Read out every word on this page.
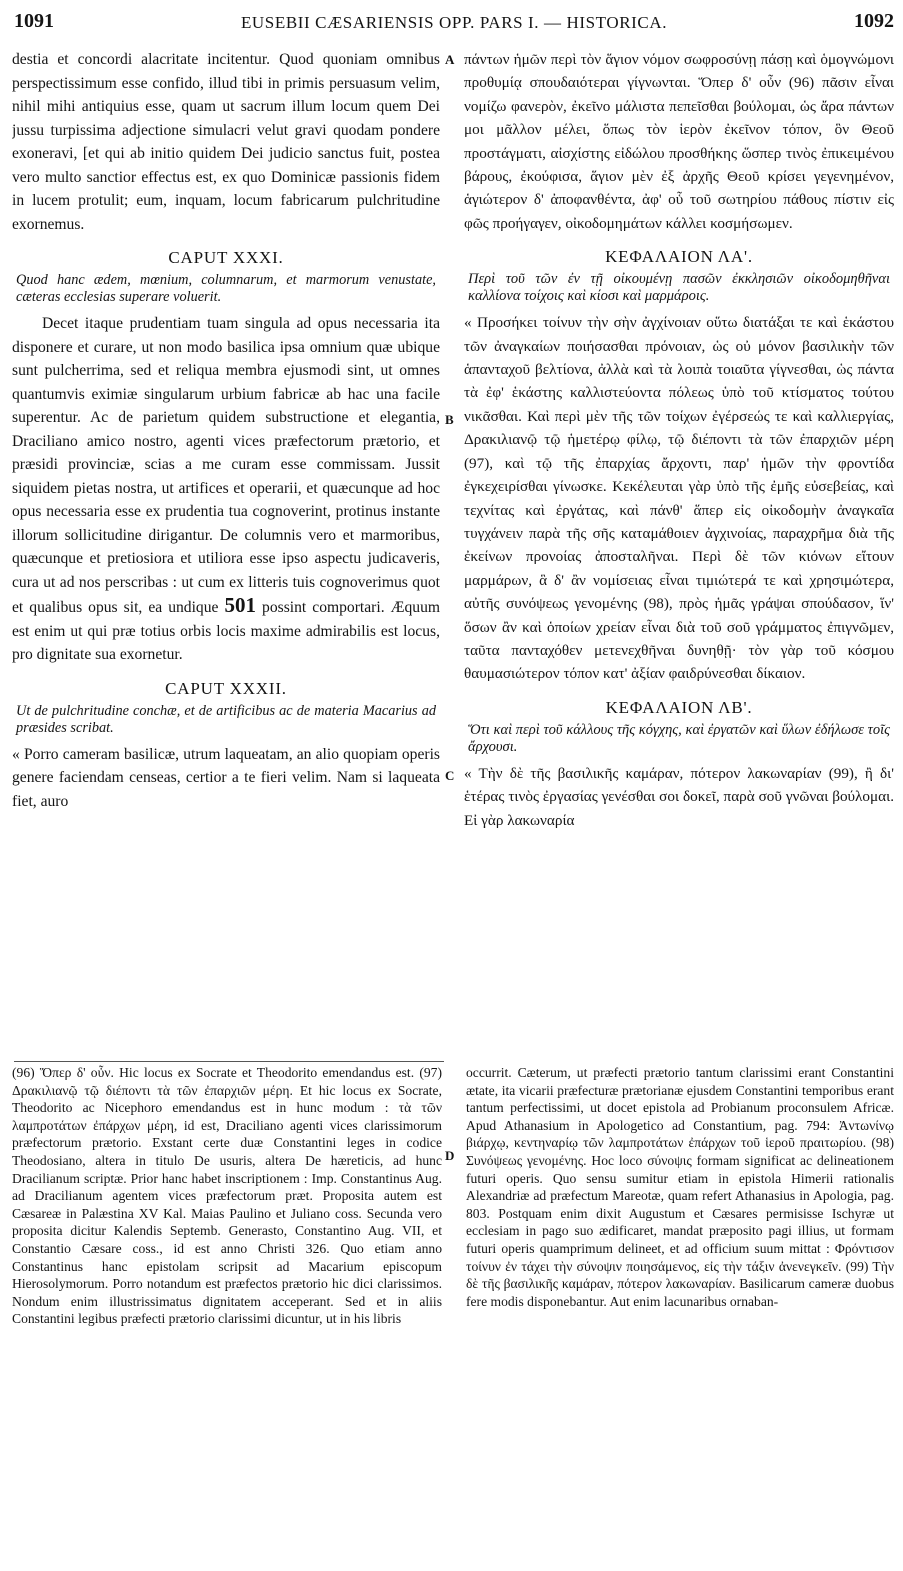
1091	EUSEBII CÆSARIENSIS OPP. PARS I. — HISTORICA.	1092

destia et concordi alacritate incitentur. Quod quoniam omnibus perspectissimum esse confido, illud tibi in primis persuasum velim, nihil mihi antiquius esse, quam ut sacrum illum locum quem Dei jussu turpissima adjectione simulacri velut gravi quodam pondere exoneravi, [et qui ab initio quidem Dei judicio sanctus fuit, postea vero multo sanctior effectus est, ex quo Dominicæ passionis fidem in lucem protulit; eum, inquam, locum fabricarum pulchritudine exornemus.

CAPUT XXXI.

Quod hanc ædem, mœnium, columnarum, et marmorum venustate, cæteras ecclesias superare voluerit.

Decet itaque prudentiam tuam singula ad opus necessaria ita disponere et curare, ut non modo basilica ipsa omnium quæ ubique sunt pulcherrima, sed et reliqua membra ejusmodi sint, ut omnes quantumvis eximiæ singularum urbium fabricæ ab hac una facile superentur. Ac de parietum quidem substructione et elegantia, Draciliano amico nostro, agenti vices præfectorum prætorio, et præsidi provinciæ, scias a me curam esse commissam. Jussit siquidem pietas nostra, ut artifices et operarii, et quæcunque ad hoc opus necessaria esse ex prudentia tua cognoverint, protinus instante illorum sollicitudine dirigantur. De columnis vero et marmoribus, quæcunque et pretiosiora et utiliora esse ipso aspectu judicaveris, cura ut ad nos perscribas : ut cum ex litteris tuis cognoverimus quot et qualibus opus sit, ea undique 501 possint comportari. Æquum est enim ut qui præ totius orbis locis maxime admirabilis est locus, pro dignitate sua exornetur.

CAPUT XXXII.

Ut de pulchritudine conchæ, et de artificibus ac de materia Macarius ad præsides scribat.

« Porro cameram basilicæ, utrum laqueatam, an alio quopiam operis genere faciendam censeas, certior a te fieri velim. Nam si laqueata fiet, auro

A
B
C
D

πάντων ἡμῶν περὶ τὸν ἅγιον νόμον σωφροσύνῃ πάσῃ καὶ ὁμογνώμονι προθυμίᾳ σπουδαιότεραι γίγνωνται. Ὅπερ δ' οὖν (96) πᾶσιν εἶναι νομίζω φανερὸν, ἐκεῖνο μάλιστα πεπεῖσθαι βούλομαι, ὡς ἄρα πάντων μοι μᾶλλον μέλει, ὅπως τὸν ἱερὸν ἐκεῖνον τόπον, ὃν Θεοῦ προστάγματι, αἰσχίστης εἰδώλου προσθήκης ὥσπερ τινὸς ἐπικειμένου βάρους, ἐκούφισα, ἅγιον μὲν ἐξ ἀρχῆς Θεοῦ κρίσει γεγενημένον, ἁγιώτερον δ' ἀποφανθέντα, ἀφ' οὗ τοῦ σωτηρίου πάθους πίστιν εἰς φῶς προήγαγεν, οἰκοδομημάτων κάλλει κοσμήσωμεν.

ΚΕΦΑΛΑΙΟΝ ΛΑ'.

Περὶ τοῦ τῶν ἐν τῇ οἰκουμένῃ πασῶν ἐκκλησιῶν οἰκοδομηθῆναι καλλίονα τοίχοις καὶ κίοσι καὶ μαρμάροις.

« Προσήκει τοίνυν τὴν σὴν ἀγχίνοιαν οὕτω διατάξαι τε καὶ ἑκάστου τῶν ἀναγκαίων ποιήσασθαι πρόνοιαν, ὡς οὐ μόνον βασιλικὴν τῶν ἁπανταχοῦ βελτίονα, ἀλλὰ καὶ τὰ λοιπὰ τοιαῦτα γίγνεσθαι, ὡς πάντα τὰ ἐφ' ἑκάστης καλλιστεύοντα πόλεως ὑπὸ τοῦ κτίσματος τούτου νικᾶσθαι. Καὶ περὶ μὲν τῆς τῶν τοίχων ἐγέρσεώς τε καὶ καλλιεργίας, Δρακιλιανῷ τῷ ἡμετέρῳ φίλῳ, τῷ διέποντι τὰ τῶν ἐπαρχιῶν μέρη (97), καὶ τῷ τῆς ἐπαρχίας ἄρχοντι, παρ' ἡμῶν τὴν φροντίδα ἐγκεχειρίσθαι γίνωσκε. Κεκέλευται γὰρ ὑπὸ τῆς ἐμῆς εὐσεβείας, καὶ τεχνίτας καὶ ἐργάτας, καὶ πάνθ' ἅπερ εἰς οἰκοδομὴν ἀναγκαῖα τυγχάνειν παρὰ τῆς σῆς καταμάθοιεν ἀγχινοίας, παραχρῆμα διὰ τῆς ἐκείνων προνοίας ἀποσταλῆναι. Περὶ δὲ τῶν κιόνων εἴτουν μαρμάρων, ἃ δ' ἂν νομίσειας εἶναι τιμιώτερά τε καὶ χρησιμώτερα, αὐτῆς συνόψεως γενομένης (98), πρὸς ἡμᾶς γράψαι σπούδασον, ἵν' ὅσων ἂν καὶ ὁποίων χρείαν εἶναι διὰ τοῦ σοῦ γράμματος ἐπιγνῶμεν, ταῦτα πανταχόθεν μετενεχθῆναι δυνηθῇ· τὸν γὰρ τοῦ κόσμου θαυμασιώτερον τόπον κατ' ἀξίαν φαιδρύνεσθαι δίκαιον.

ΚΕΦΑΛΑΙΟΝ ΛΒ'.

Ὅτι καὶ περὶ τοῦ κάλλους τῆς κόγχης, καὶ ἐργατῶν καὶ ὕλων ἐδήλωσε τοῖς ἄρχουσι.

« Τὴν δὲ τῆς βασιλικῆς καμάραν, πότερον λακωναρίαν (99), ἢ δι' ἑτέρας τινὸς ἐργασίας γενέσθαι σοι δοκεῖ, παρὰ σοῦ γνῶναι βούλομαι. Εἰ γὰρ λακωναρία

(96) Ὅπερ δ' οὖν. Hic locus ex Socrate et Theodorito emendandus est. (97) Δρακιλιανῷ τῷ διέποντι τὰ τῶν ἐπαρχιῶν μέρη. Et hic locus ex Socrate, Theodorito ac Nicephoro emendandus est in hunc modum : τὰ τῶν λαμπροτάτων ἐπάρχων μέρη, id est, Draciliano agenti vices clarissimorum præfectorum prætorio. Exstant certe duæ Constantini leges in codice Theodosiano, altera in titulo De usuris, altera De hæreticis, ad hunc Dracilianum scriptæ. Prior hanc habet inscriptionem : Imp. Constantinus Aug. ad Dracilianum agentem vices præfectorum præt. Proposita autem est Cæsareæ in Palæstina XV Kal. Maias Paulino et Juliano coss. Secunda vero proposita dicitur Kalendis Septemb. Generasto, Constantino Aug. VII, et Constantio Cæsare coss., id est anno Christi 326. Quo etiam anno Constantinus hanc epistolam scripsit ad Macarium episcopum Hierosolymorum. Porro notandum est præfectos prætorio hic dici clarissimos. Nondum enim illustrissimatus dignitatem acceperant. Sed et in aliis Constantini legibus præfecti prætorio clarissimi dicuntur, ut in his libris

occurrit. Cæterum, ut præfecti prætorio tantum clarissimi erant Constantini ætate, ita vicarii præfecturæ prætorianæ ejusdem Constantini temporibus erant tantum perfectissimi, ut docet epistola ad Probianum proconsulem Africæ. Apud Athanasium in Apologetico ad Constantium, pag. 794: Ἀντωνίνῳ βιάρχῳ, κεντηναρίῳ τῶν λαμπροτάτων ἐπάρχων τοῦ ἱεροῦ πραιτωρίου. (98) Συνόψεως γενομένης. Hoc loco σύνοψις formam significat ac delineationem futuri operis. Quo sensu sumitur etiam in epistola Himerii rationalis Alexandriæ ad præfectum Mareotæ, quam refert Athanasius in Apologia, pag. 803. Postquam enim dixit Augustum et Cæsares permisisse Ischyræ ut ecclesiam in pago suo ædificaret, mandat præposito pagi illius, ut formam futuri operis quamprimum delineet, et ad officium suum mittat : Φρόντισον τοίνυν ἐν τάχει τὴν σύνοψιν ποιησάμενος, εἰς τὴν τάξιν ἀνενεγκεῖν. (99) Τὴν δὲ τῆς βασιλικῆς καμάραν, πότερον λακωναρίαν. Basilicarum cameræ duobus fere modis disponebantur. Aut enim lacunaribus ornaban-
